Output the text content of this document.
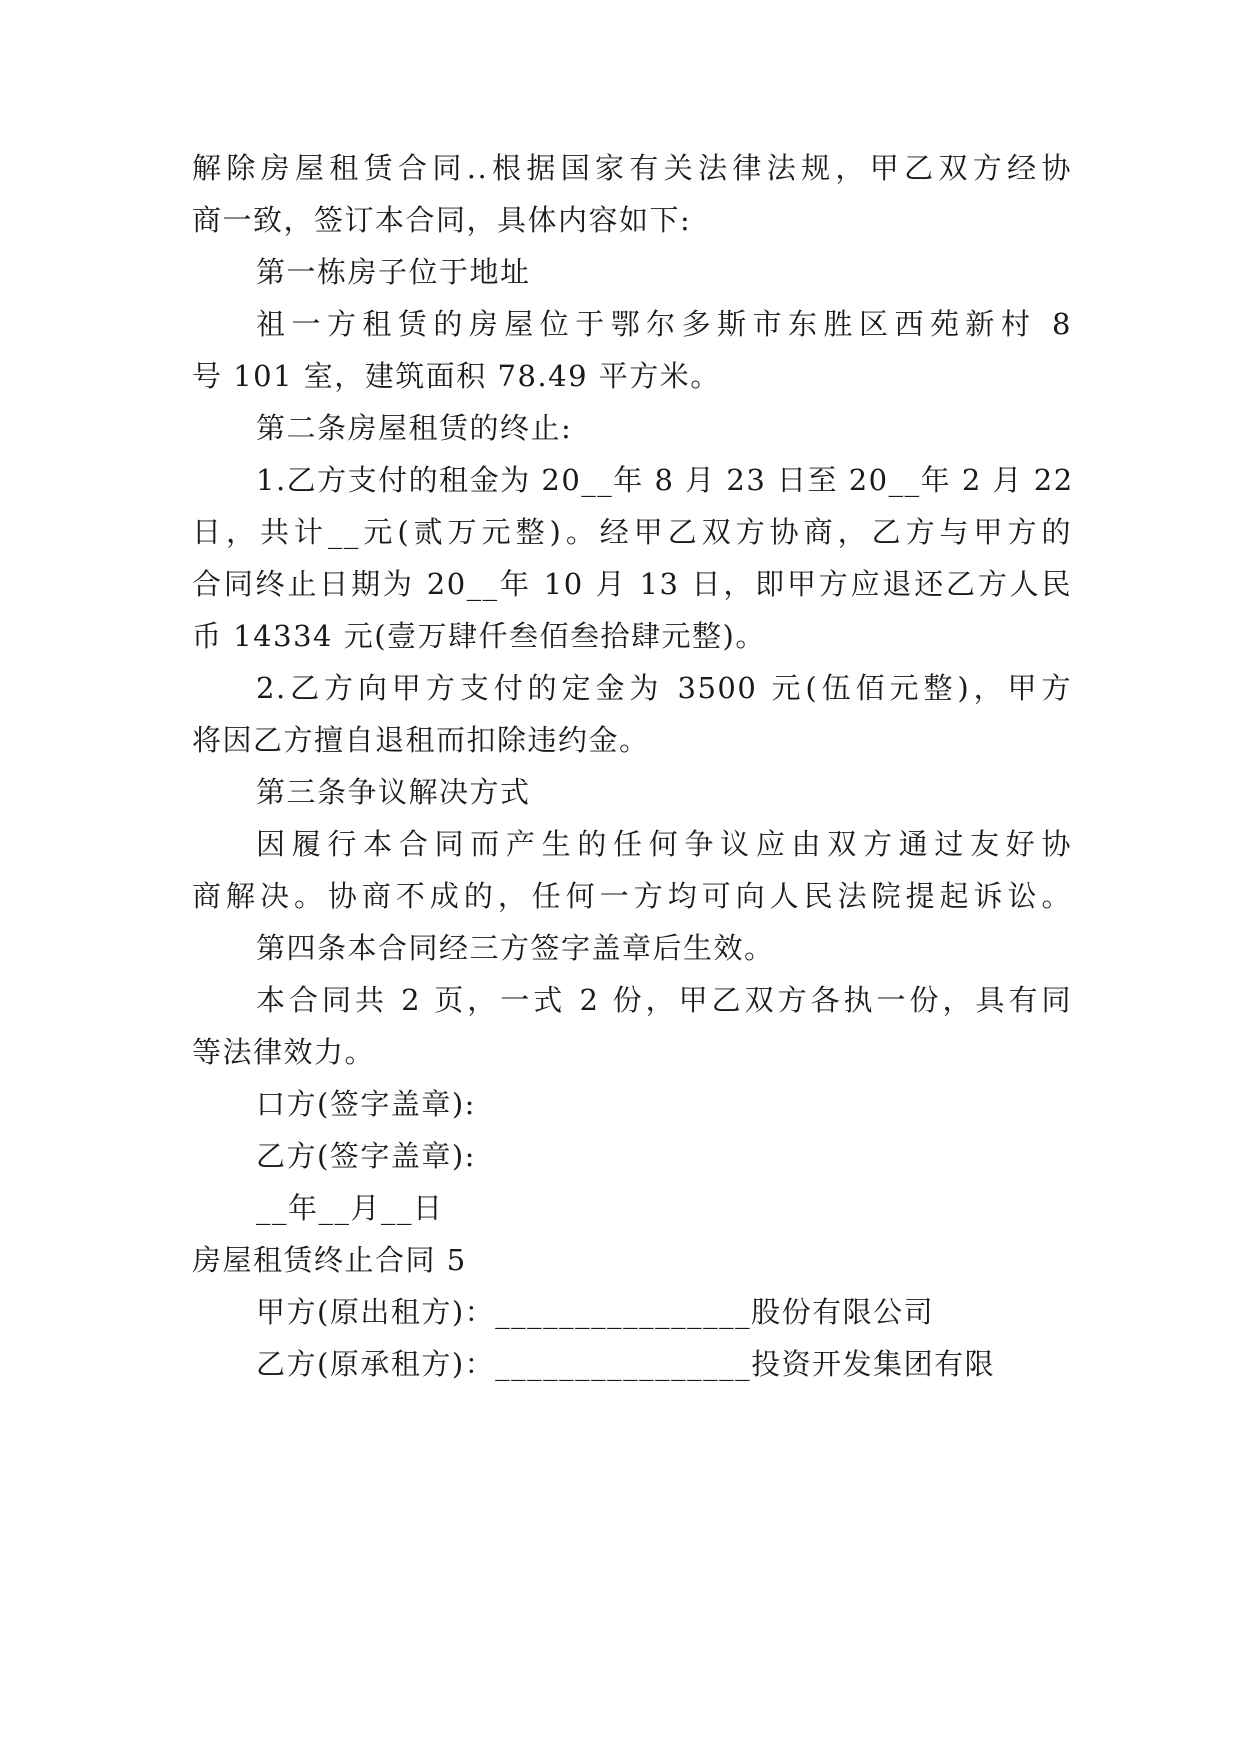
解除房屋租赁合同..根据国家有关法律法规，甲乙双方经协
商一致，签订本合同，具体内容如下:
第一栋房子位于地址
祖一方租赁的房屋位于鄂尔多斯市东胜区西苑新村 8
号 101 室，建筑面积 78.49 平方米。
第二条房屋租赁的终止:
1.乙方支付的租金为 20__年 8 月 23 日至 20__年 2 月 22
日，共计__元(贰万元整)。经甲乙双方协商，乙方与甲方的
合同终止日期为 20__年 10 月 13 日，即甲方应退还乙方人民
币 14334 元(壹万肆仟叁佰叁拾肆元整)。
2.乙方向甲方支付的定金为 3500 元(伍佰元整)，甲方
将因乙方擅自退租而扣除违约金。
第三条争议解决方式
因履行本合同而产生的任何争议应由双方通过友好协
商解决。协商不成的，任何一方均可向人民法院提起诉讼。
第四条本合同经三方签字盖章后生效。
本合同共 2 页，一式 2 份，甲乙双方各执一份，具有同
等法律效力。
口方(签字盖章):
乙方(签字盖章):
__年__月__日
房屋租赁终止合同 5
甲方(原出租方)：________________股份有限公司
乙方(原承租方)：________________投资开发集团有限
